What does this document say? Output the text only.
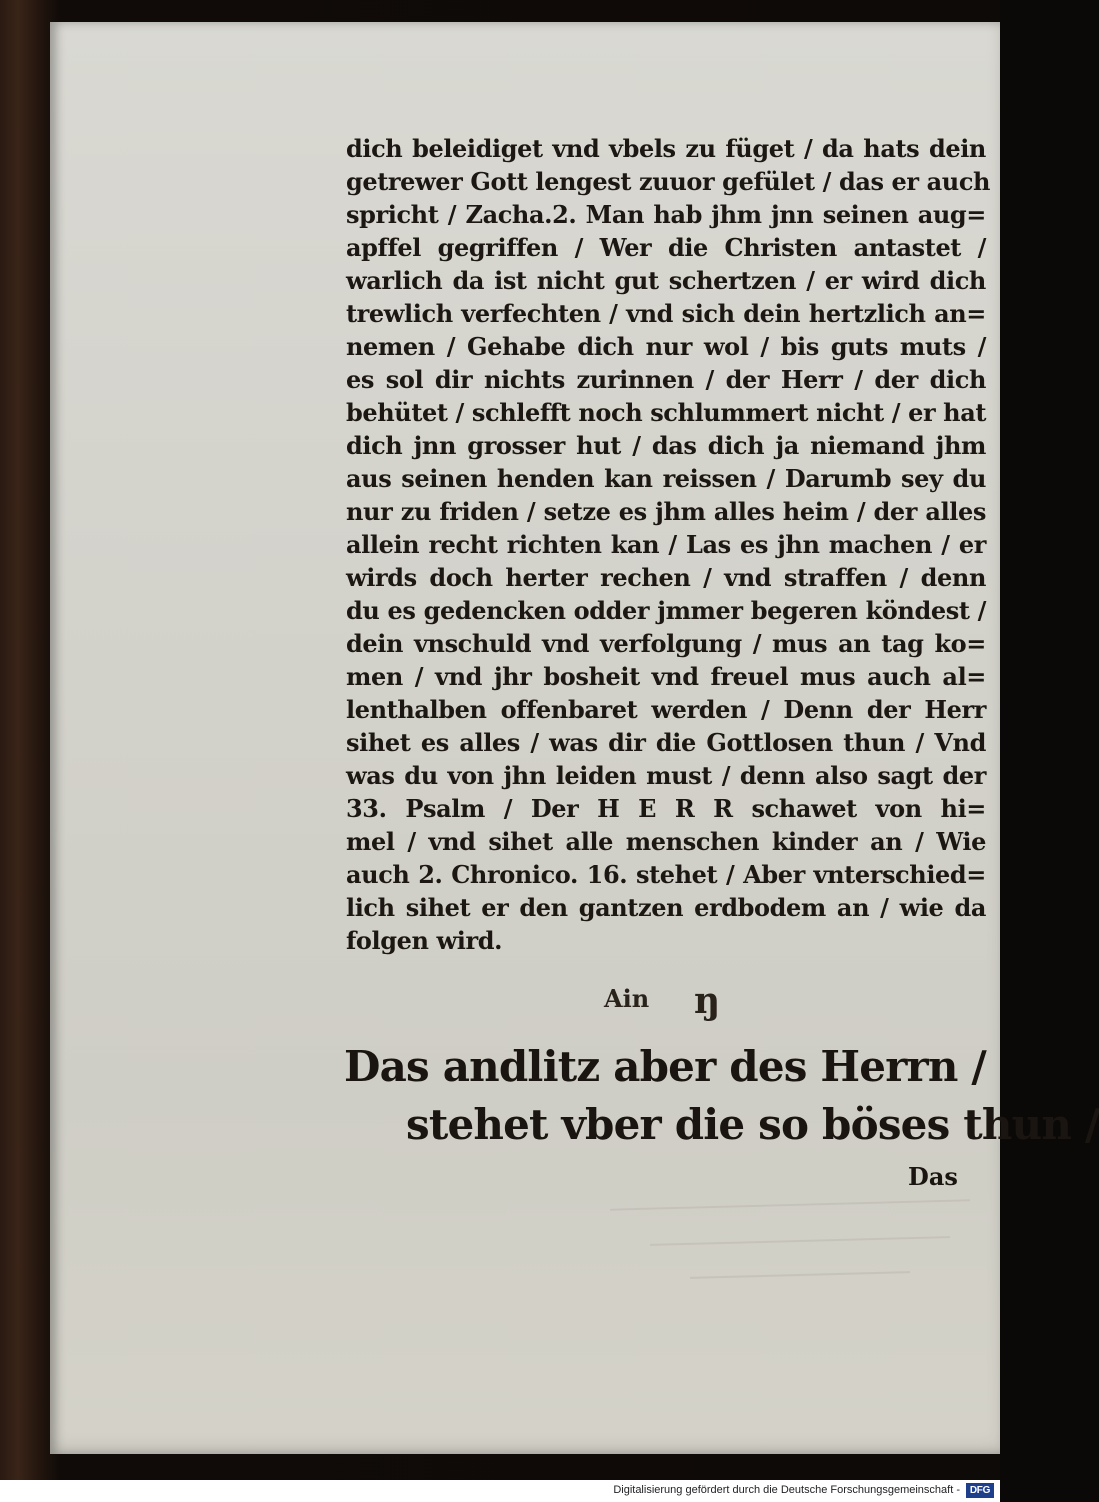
dich beleidiget vnd vbels zu füget / da hats dein
getrewer Gott lengest zuuor gefület / das er auch
spricht / Zacha.2. Man hab jhm jnn seinen aug=
apffel gegriffen / Wer die Christen antastet /
warlich da ist nicht gut schertzen / er wird dich
trewlich verfechten / vnd sich dein hertzlich an=
nemen / Gehabe dich nur wol / bis guts muts /
es sol dir nichts zurinnen / der Herr / der dich
behütet / schlefft noch schlummert nicht / er hat
dich jnn grosser hut / das dich ja niemand jhm
aus seinen henden kan reissen / Darumb sey du
nur zu friden / setze es jhm alles heim / der alles
allein recht richten kan / Las es jhn machen / er
wirds doch herter rechen / vnd straffen / denn
du es gedencken odder jmmer begeren köndest /
dein vnschuld vnd verfolgung / mus an tag ko=
men / vnd jhr bosheit vnd freuel mus auch al=
lenthalben offenbaret werden / Denn der Herr
sihet es alles / was dir die Gottlosen thun / Vnd
was du von jhn leiden must / denn also sagt der
33. Psalm / Der H E R R schawet von hi=
mel / vnd sihet alle menschen kinder an / Wie
auch 2. Chronico. 16. stehet / Aber vnterschied=
lich sihet er den gantzen erdbodem an / wie da
folgen wird.
Ain ŋ
Das andlitz aber des Herrn /
stehet vber die so böses thun /
Das
Digitalisierung gefördert durch die Deutsche Forschungsgemeinschaft - DFG
